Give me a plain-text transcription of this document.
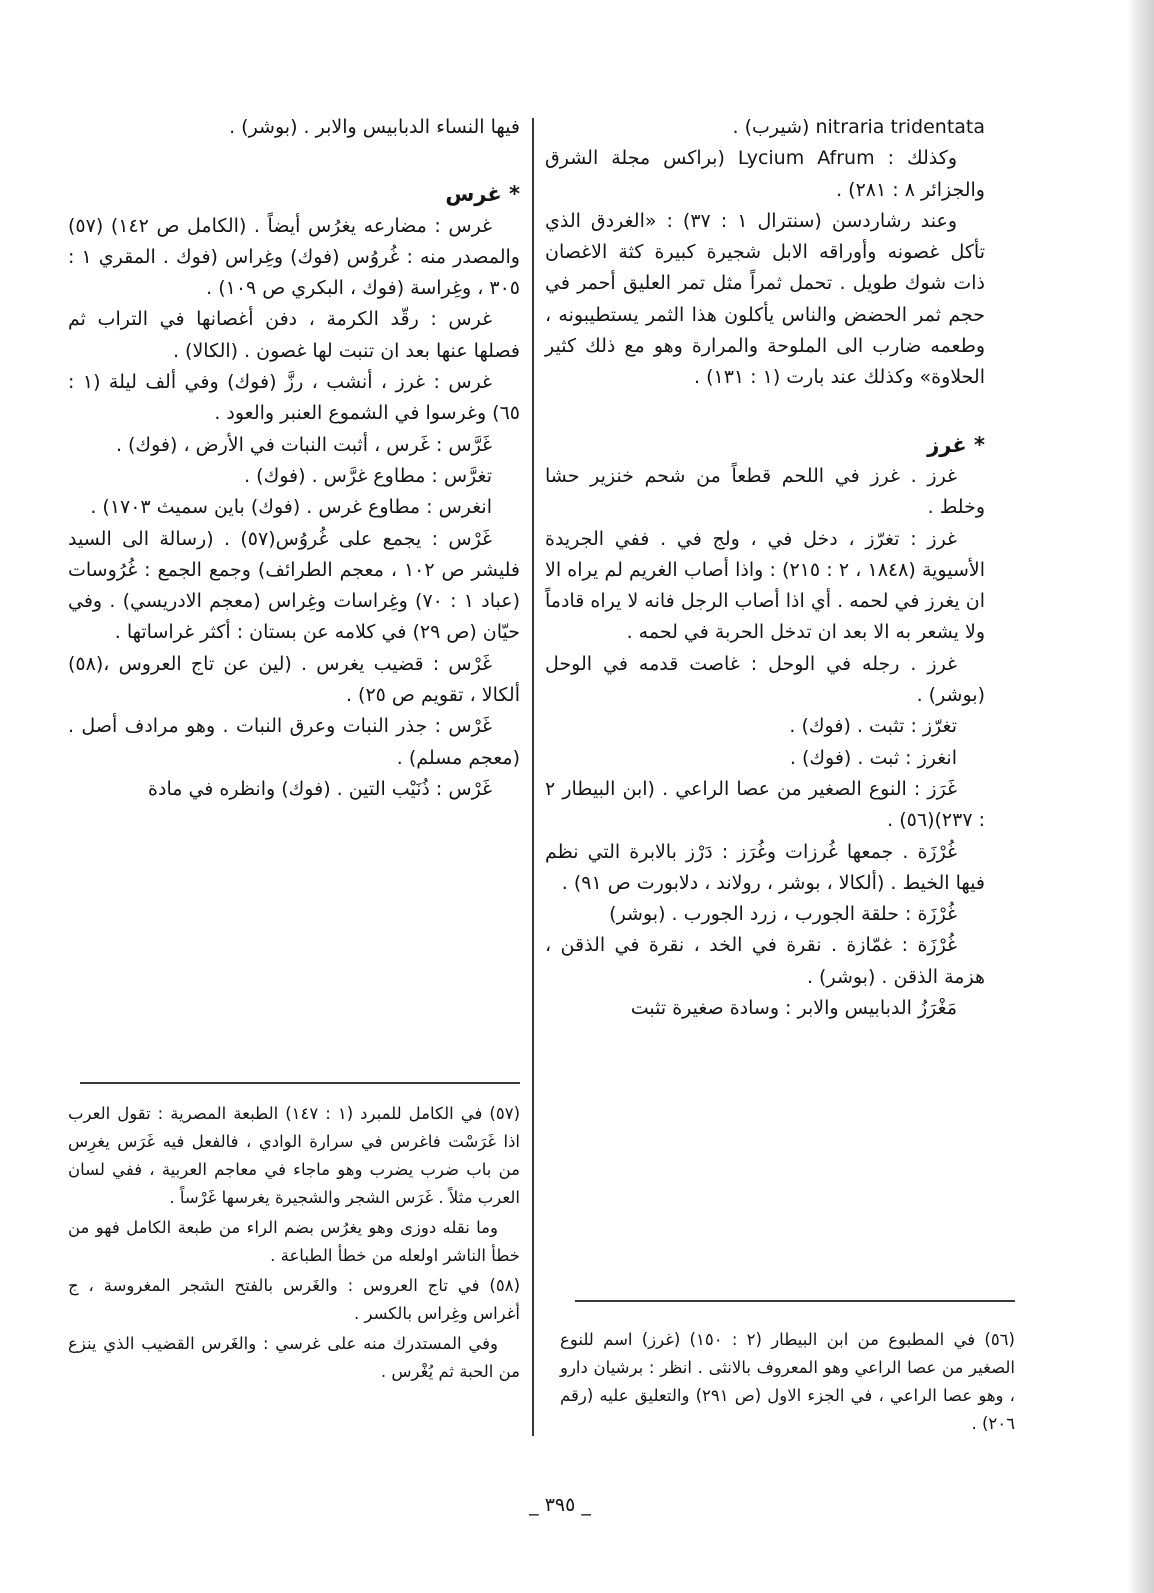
nitraria tridentata (شيرب) .

وكذلك : Lycium Afrum (براكس مجلة الشرق والجزائر ٨ : ٢٨١) .

وعند رشاردسن (سنترال ١ : ٣٧) : «الغردق الذي تأكل غصونه وأوراقه الابل شجيرة كبيرة كثة الاغصان ذات شوك طويل . تحمل ثمراً مثل تمر العليق أحمر في حجم ثمر الحضض والناس يأكلون هذا الثمر يستطيبونه ، وطعمه ضارب الى الملوحة والمرارة وهو مع ذلك كثير الحلاوة» وكذلك عند بارت (١ : ١٣١) .

* غرز

غرز . غرز في اللحم قطعاً من شحم خنزير حشا وخلط .

غرز : تغرّز ، دخل في ، ولج في . ففي الجريدة الأسيوية (١٨٤٨ ، ٢ : ٢١٥) : واذا أصاب الغريم لم يراه الا ان يغرز في لحمه . أي اذا أصاب الرجل فانه لا يراه قادماً ولا يشعر به الا بعد ان تدخل الحربة في لحمه .

غرز . رجله في الوحل : غاصت قدمه في الوحل (بوشر) .

تغرّز : تثبت . (فوك) .

انغرز : ثبت . (فوك) .

غَرَز : النوع الصغير من عصا الراعي . (ابن البيطار ٢ : ٢٣٧)(٥٦) .

غُرْزَة . جمعها غُرزات وغُرَز : دَرْز بالابرة التي نظم فيها الخيط . (ألكالا ، بوشر ، رولاند ، دلابورت ص ٩١) .

غُرْزَة : حلقة الجورب ، زرد الجورب . (بوشر)

غُرْزَة : غمّازة . نقرة في الخد ، نقرة في الذقن ، هزمة الذقن . (بوشر) .

مَغْرَزُ الدبابيس والابر : وسادة صغيرة تثبت

فيها النساء الدبابيس والابر . (بوشر) .

* غرس

غرس : مضارعه يغرُس أيضاً . (الكامل ص ١٤٢) (٥٧) والمصدر منه : غُروُس (فوك) وغِراس (فوك . المقري ١ : ٣٠٥ ، وغِراسة (فوك ، البكري ص ١٠٩) .

غرس : رقّد الكرمة ، دفن أغصانها في التراب ثم فصلها عنها بعد ان تنبت لها غصون . (الكالا) .

غرس : غرز ، أنشب ، رزَّ (فوك) وفي ألف ليلة (١ : ٦٥) وغرسوا في الشموع العنبر والعود .

غَرَّس : غَرس ، أثبت النبات في الأرض ، (فوك) .

تغرَّس : مطاوع غرَّس . (فوك) .

انغرس : مطاوع غرس . (فوك) باين سميث ١٧٠٣) .

غَرْس : يجمع على غُروُس(٥٧) . (رسالة الى السيد فليشر ص ١٠٢ ، معجم الطرائف) وجمع الجمع : غُرُوسات (عباد ١ : ٧٠) وغِراسات وغِراس (معجم الادريسي) . وفي حيّان (ص ٢٩) في كلامه عن بستان : أكثر غراساتها .

غَرْس : قضيب يغرس . (لين عن تاج العروس ،(٥٨) ألكالا ، تقويم ص ٢٥) .

غَرْس : جذر النبات وعرق النبات . وهو مرادف أصل . (معجم مسلم) .

غَرْس : ذُنَيْب التين . (فوك) وانظره في مادة

(٥٧) في الكامل للمبرد (١ : ١٤٧) الطبعة المصرية : تقول العرب اذا غَرَسْت فاغرس في سرارة الوادي ، فالفعل فيه غَرَس يغرِس من باب ضرب يضرب وهو ماجاء في معاجم العربية ، ففي لسان العرب مثلاً . غَرَس الشجر والشجيرة يغرسها غَرْساً .

وما نقله دوزى وهو يغرُس بضم الراء من طبعة الكامل فهو من خطأ الناشر اولعله من خطأ الطباعة .

(٥٨) في تاج العروس : والغَرس بالفتح الشجر المغروسة ، ج أغراس وغِراس بالكسر .

وفي المستدرك منه على غرسي : والغَرس القضيب الذي ينزع من الحبة ثم يُغْرس .

(٥٦) في المطبوع من ابن البيطار (٢ : ١٥٠) (غرز) اسم للنوع الصغير من عصا الراعي وهو المعروف بالانثى . انظر : برشيان دارو ، وهو عصا الراعي ، في الجزء الاول (ص ٢٩١) والتعليق عليه (رقم ٢٠٦) .

_ ٣٩٥ _
